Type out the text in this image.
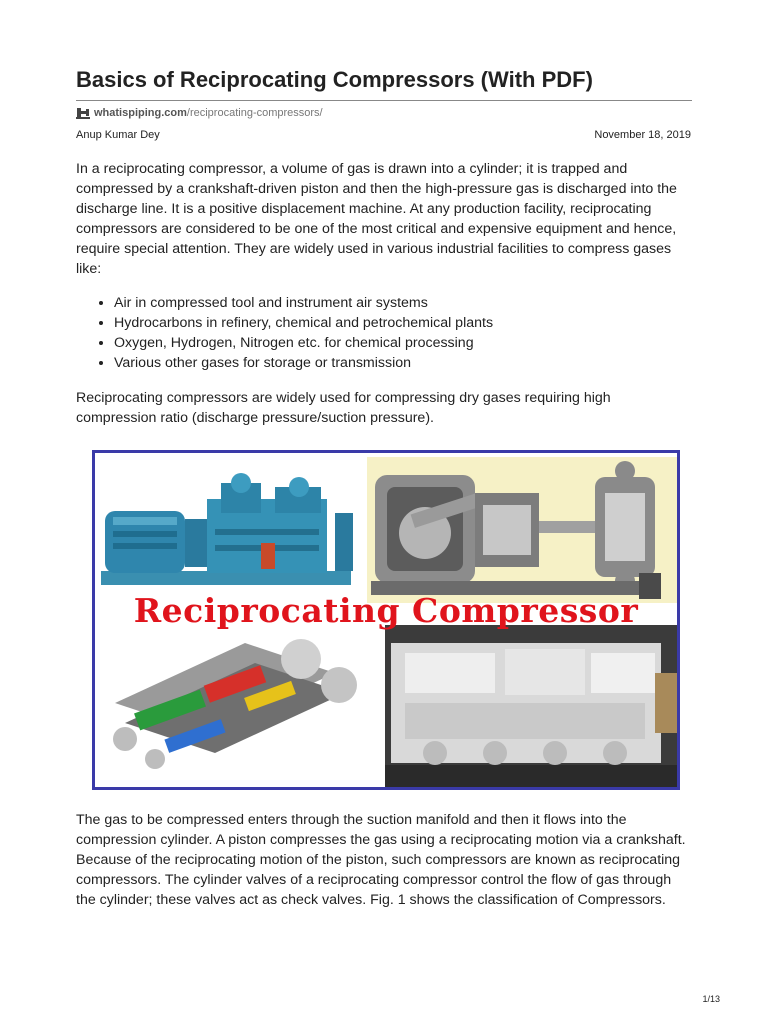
Basics of Reciprocating Compressors (With PDF)
whatispiping.com /reciprocating-compressors/
Anup Kumar Dey	November 18, 2019

In a reciprocating compressor, a volume of gas is drawn into a cylinder; it is trapped and compressed by a crankshaft-driven piston and then the high-pressure gas is discharged into the discharge line. It is a positive displacement machine. At any production facility, reciprocating compressors are considered to be one of the most critical and expensive equipment and hence, require special attention. They are widely used in various industrial facilities to compress gases like:

• Air in compressed tool and instrument air systems
• Hydrocarbons in refinery, chemical and petrochemical plants
• Oxygen, Hydrogen, Nitrogen etc. for chemical processing
• Various other gases for storage or transmission

Reciprocating compressors are widely used for compressing dry gases requiring high compression ratio (discharge pressure/suction pressure).

Reciprocating Compressor

The gas to be compressed enters through the suction manifold and then it flows into the compression cylinder. A piston compresses the gas using a reciprocating motion via a crankshaft. Because of the reciprocating motion of the piston, such compressors are known as reciprocating compressors. The cylinder valves of a reciprocating compressor control the flow of gas through the cylinder; these valves act as check valves. Fig. 1 shows the classification of Compressors.

1/13
